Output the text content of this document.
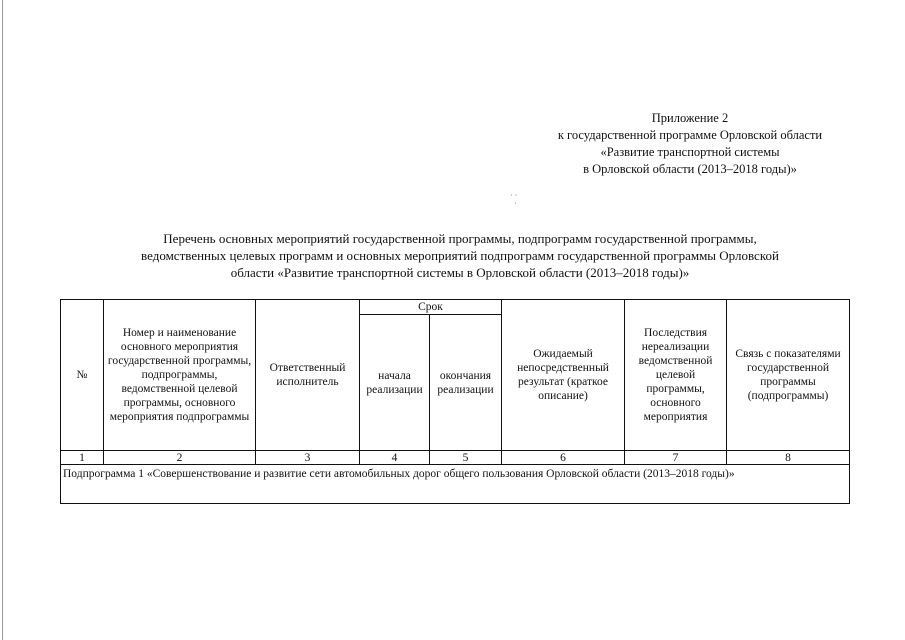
Приложение 2
к государственной программе Орловской области
«Развитие транспортной системы
в Орловской области (2013–2018 годы)»
· ·
·
Перечень основных мероприятий государственной программы, подпрограмм государственной программы,
ведомственных целевых программ и основных мероприятий подпрограмм государственной программы Орловской
области «Развитие транспортной системы в Орловской области (2013–2018 годы)»
№	Номер и наименование основного мероприятия государственной программы, подпрограммы, ведомственной целевой программы, основного мероприятия подпрограммы	Ответственный исполнитель	Срок		Ожидаемый непосредственный результат (краткое описание)	Последствия нереализации ведомственной целевой программы, основного мероприятия	Связь с показателями государственной программы (подпрограммы)
			начала реализации	окончания реализации			
1	2	3	4	5	6	7	8
Подпрограмма 1 «Совершенствование и развитие сети автомобильных дорог общего пользования Орловской области (2013–2018 годы)»							
